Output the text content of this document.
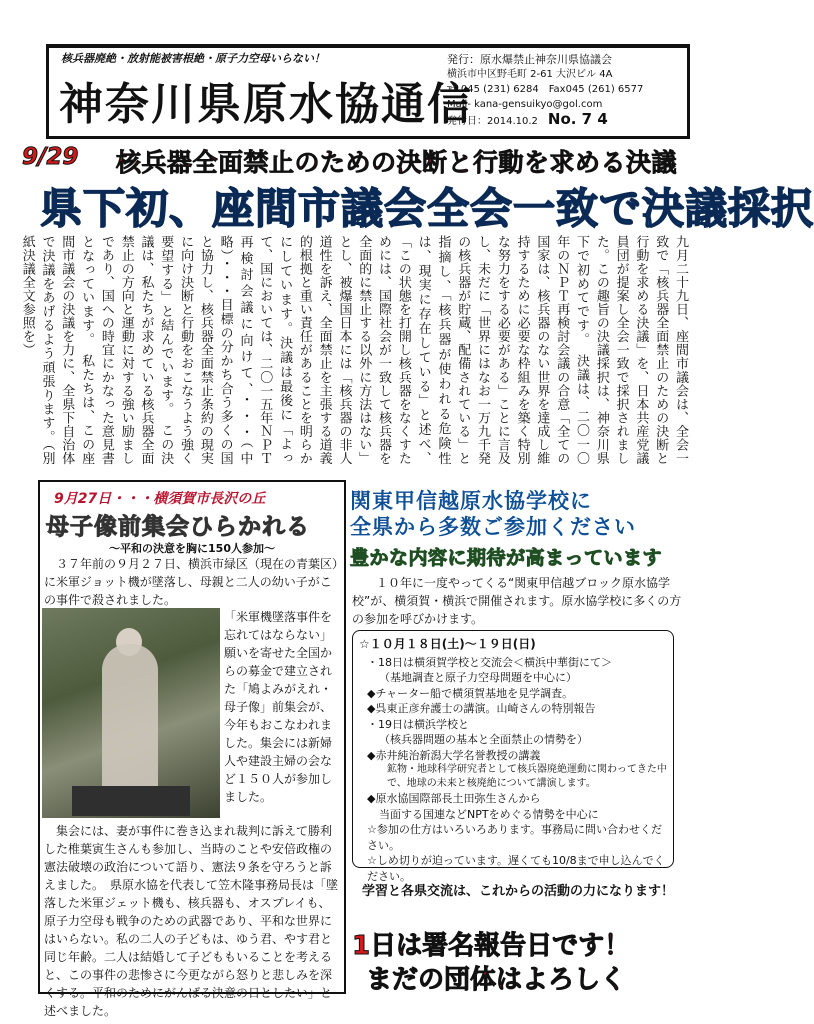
核兵器廃絶・放射能被害根絶・原子力空母いらない！
神奈川県原水協通信
発行：原水爆禁止神奈川県協議会
横浜市中区野毛町 2-61 大沢ビル 4A
℡ 045 (231) 6284　Fax045 (261) 6577
Mail- kana-gensuikyo@gol.com
発行日：2014.10.2　 No. 7 4
9/29 核兵器全面禁止のための決断と行動を求める決議
県下初、座間市議会全会一致で決議採択
九月二十九日、座間市議会は、全会一致で「核兵器全面禁止のための決断と行動を求める決議」を、日本共産党議員団が提案し全会一致で採択されました。この趣旨の決議採択は、神奈川県下で初めてです。　決議は、二〇一〇年のＮＰＴ再検討会議の合意「全ての国家は、核兵器のない世界を達成し維持するために必要な枠組みを築く特別な努力をする必要がある」ことに言及し、未だに「世界にはなお一万九千発の核兵器が貯蔵、配備されている」と指摘し、「核兵器が使われる危険性は、現実に存在している」と述べ、「この状態を打開し核兵器をなくすためには、国際社会が一致して核兵器を全面的に禁止する以外に方法はない」とし、被爆国日本には「核兵器の非人道性を訴え、全面禁止を主張する道義的根拠と重い責任があることを明らかにしています。決議は最後に「よって、国においては、二〇一五年ＮＰＴ再検討会議に向けて、・・・（中略）・・・目標の分かち合う多くの国と協力し、核兵器全面禁止条約の現実に向け決断と行動をおこなうよう強く要望する」と結んでいます。　この決議は、私たちが求めている核兵器全面禁止の方向と運動に対する強い励ましであり、国への時宜にかなった意見書となっています。　私たちは、この座間市議会の決議を力に、全県下自治体で決議をあげるよう頑張ります。（別紙決議全文参照を）
9月27日・・・横須賀市長沢の丘
母子像前集会ひらかれる
～平和の決意を胸に150人参加～
３７年前の９月２７日、横浜市緑区（現在の青葉区）に米軍ジョット機が墜落し、母親と二人の幼い子がこの事件で殺されました。
「米軍機墜落事件を忘れてはならない」願いを寄せた全国からの募金で建立された「鳩よみがえれ・母子像」前集会が、今年もおこなわれました。集会には新婦人や建設主婦の会など１５０人が参加しました。
　集会には、妻が事件に巻き込まれ裁判に訴えて勝利した椎葉寅生さんも参加し、当時のことや安倍政権の憲法破壊の政治について語り、憲法９条を守ろうと訴えました。　県原水協を代表して笠木隆事務局長は「墜落した米軍ジェット機も、核兵器も、オスプレイも、原子力空母も戦争のための武器であり、平和な世界にはいらない。私の二人の子どもは、ゆう君、やす君と同じ年齢。二人は結婚して子どももいることを考えると、この事件の悲惨さに今更ながら怒りと悲しみを深くする。平和のためにがんばる決意の日としたい」と述べました。
関東甲信越原水協学校に
全県から多数ご参加ください
豊かな内容に期待が高まっています
１０年に一度やってくる“関東甲信越ブロック原水協学校”が、横須賀・横浜で開催されます。原水協学校に多くの方の参加を呼びかけます。
☆１０月１８日(土)～１９日(日)
・18日は横須賀学校と交流会＜横浜中華街にて＞
（基地調査と原子力空母問題を中心に）
◆チャーター船で横須賀基地を見学調査。
◆呉東正彦弁護士の講演。山崎さんの特別報告
・19日は横浜学校と
（核兵器問題の基本と全面禁止の情勢を）
◆赤井純治新潟大学名誉教授の講義
鉱物・地球科学研究者として核兵器廃絶運動に関わってきた中で、地球の未来と核廃絶について講演します。
◆原水協国際部長土田弥生さんから
当面する国連などNPTをめぐる情勢を中心に
☆参加の仕方はいろいろあります。事務局に問い合わせください。
☆しめ切りが迫っています。遅くても10/8まで申し込んでください。
学習と各県交流は、これからの活動の力になります！
1日は署名報告日です！
まだの団体はよろしく
